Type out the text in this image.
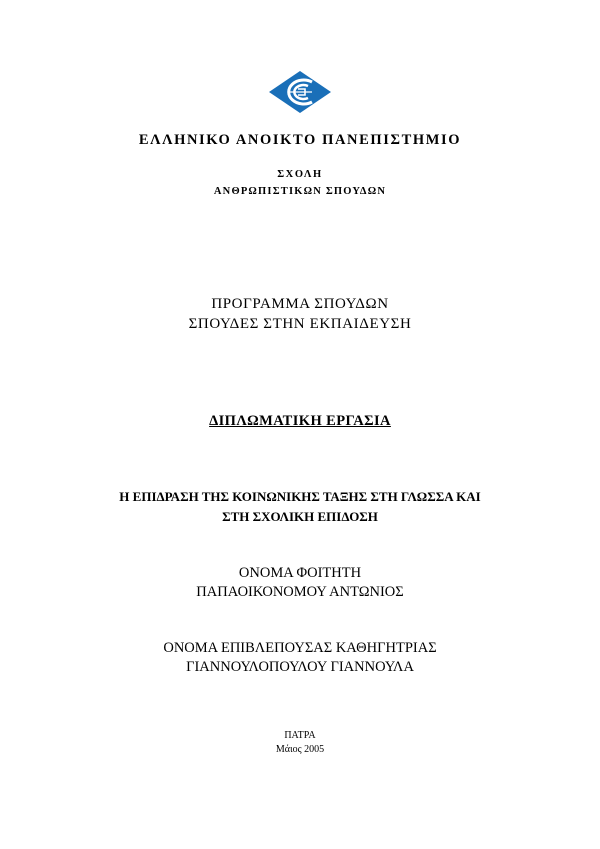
ΕΛΛΗΝΙΚΟ ΑΝΟΙΚΤΟ ΠΑΝΕΠΙΣΤΗΜΙΟ
ΣΧΟΛΗ
ΑΝΘΡΩΠΙΣΤΙΚΩΝ ΣΠΟΥΔΩΝ
ΠΡΟΓΡΑΜΜΑ ΣΠΟΥΔΩΝ
ΣΠΟΥΔΕΣ ΣΤΗΝ ΕΚΠΑΙΔΕΥΣΗ
ΔΙΠΛΩΜΑΤΙΚΗ ΕΡΓΑΣΙΑ
Η ΕΠΙΔΡΑΣΗ ΤΗΣ ΚΟΙΝΩΝΙΚΗΣ ΤΑΞΗΣ ΣΤΗ ΓΛΩΣΣΑ ΚΑΙ
ΣΤΗ ΣΧΟΛΙΚΗ ΕΠΙΔΟΣΗ
ΟΝΟΜΑ ΦΟΙΤΗΤΗ
ΠΑΠΑΟΙΚΟΝΟΜΟΥ ΑΝΤΩΝΙΟΣ
ΟΝΟΜΑ ΕΠΙΒΛΕΠΟΥΣΑΣ ΚΑΘΗΓΗΤΡΙΑΣ
ΓΙΑΝΝΟΥΛΟΠΟΥΛΟΥ ΓΙΑΝΝΟΥΛΑ
ΠΑΤΡΑ
Μάιος 2005
